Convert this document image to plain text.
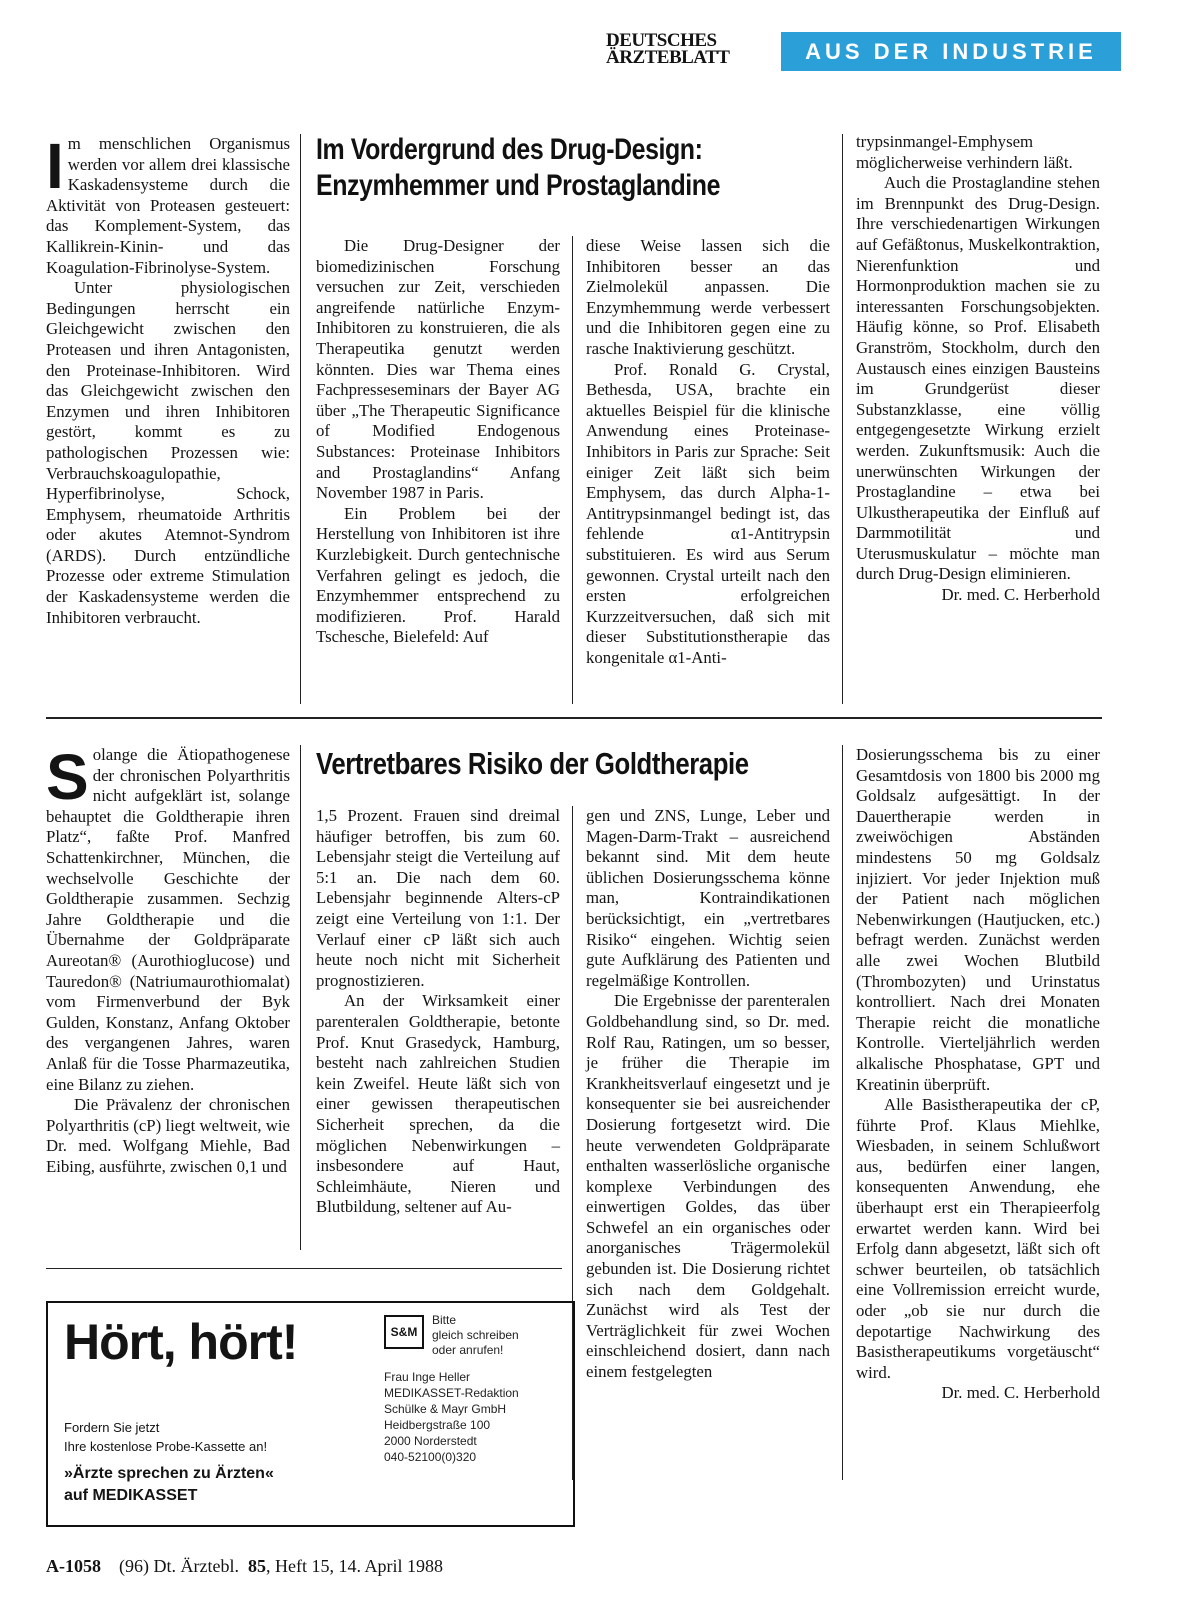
DEUTSCHES
ÄRZTEBLATT	AUS DER INDUSTRIE
Im Vordergrund des Drug-Design:
Enzymhemmer und Prostaglandine
I m menschlichen Organismus werden vor allem drei klassische Kaskadensysteme durch die Aktivität von Proteasen gesteuert: das Komplement-System, das Kallikrein-Kinin- und das Koagulation-Fibrinolyse-System.

Unter physiologischen Bedingungen herrscht ein Gleichgewicht zwischen den Proteasen und ihren Antagonisten, den Proteinase-Inhibitoren. Wird das Gleichgewicht zwischen den Enzymen und ihren Inhibitoren gestört, kommt es zu pathologischen Prozessen wie: Verbrauchskoagulopathie, Hyperfibrinolyse, Schock, Emphysem, rheumatoide Arthritis oder akutes Atemnot-Syndrom (ARDS). Durch entzündliche Prozesse oder extreme Stimulation der Kaskadensysteme werden die Inhibitoren verbraucht.

Die Drug-Designer der biomedizinischen Forschung versuchen zur Zeit, verschieden angreifende natürliche Enzym-Inhibitoren zu konstruieren, die als Therapeutika genutzt werden könnten. Dies war Thema eines Fachpresseseminars der Bayer AG über „The Therapeutic Significance of Modified Endogenous Substances: Proteinase Inhibitors and Prostaglandins“ Anfang November 1987 in Paris.

Ein Problem bei der Herstellung von Inhibitoren ist ihre Kurzlebigkeit. Durch gentechnische Verfahren gelingt es jedoch, die Enzymhemmer entsprechend zu modifizieren. Prof. Harald Tschesche, Bielefeld: Auf

diese Weise lassen sich die Inhibitoren besser an das Zielmolekül anpassen. Die Enzymhemmung werde verbessert und die Inhibitoren gegen eine zu rasche Inaktivierung geschützt.

Prof. Ronald G. Crystal, Bethesda, USA, brachte ein aktuelles Beispiel für die klinische Anwendung eines Proteinase-Inhibitors in Paris zur Sprache: Seit einiger Zeit läßt sich beim Emphysem, das durch Alpha-1-Antitrypsinmangel bedingt ist, das fehlende α1-Antitrypsin substituieren. Es wird aus Serum gewonnen. Crystal urteilt nach den ersten erfolgreichen Kurzzeitversuchen, daß sich mit dieser Substitutionstherapie das kongenitale α1-Anti-

trypsinmangel-Emphysem möglicherweise verhindern läßt.

Auch die Prostaglandine stehen im Brennpunkt des Drug-Design. Ihre verschiedenartigen Wirkungen auf Gefäßtonus, Muskelkontraktion, Nierenfunktion und Hormonproduktion machen sie zu interessanten Forschungsobjekten. Häufig könne, so Prof. Elisabeth Granström, Stockholm, durch den Austausch eines einzigen Bausteins im Grundgerüst dieser Substanzklasse, eine völlig entgegengesetzte Wirkung erzielt werden. Zukunftsmusik: Auch die unerwünschten Wirkungen der Prostaglandine – etwa bei Ulkustherapeutika der Einfluß auf Darmmotilität und Uterusmuskulatur – möchte man durch Drug-Design eliminieren.

Dr. med. C. Herberhold

Vertretbares Risiko der Goldtherapie
S olange die Ätiopathogenese der chronischen Polyarthritis nicht aufgeklärt ist, solange behauptet die Goldtherapie ihren Platz“, faßte Prof. Manfred Schattenkirchner, München, die wechselvolle Geschichte der Goldtherapie zusammen. Sechzig Jahre Goldtherapie und die Übernahme der Goldpräparate Aureotan® (Aurothioglucose) und Tauredon® (Natriumaurothiomalat) vom Firmenverbund der Byk Gulden, Konstanz, Anfang Oktober des vergangenen Jahres, waren Anlaß für die Tosse Pharmazeutika, eine Bilanz zu ziehen.

Die Prävalenz der chronischen Polyarthritis (cP) liegt weltweit, wie Dr. med. Wolfgang Miehle, Bad Eibing, ausführte, zwischen 0,1 und

1,5 Prozent. Frauen sind dreimal häufiger betroffen, bis zum 60. Lebensjahr steigt die Verteilung auf 5:1 an. Die nach dem 60. Lebensjahr beginnende Alters-cP zeigt eine Verteilung von 1:1. Der Verlauf einer cP läßt sich auch heute noch nicht mit Sicherheit prognostizieren.

An der Wirksamkeit einer parenteralen Goldtherapie, betonte Prof. Knut Grasedyck, Hamburg, besteht nach zahlreichen Studien kein Zweifel. Heute läßt sich von einer gewissen therapeutischen Sicherheit sprechen, da die möglichen Nebenwirkungen – insbesondere auf Haut, Schleimhäute, Nieren und Blutbildung, seltener auf Au-

gen und ZNS, Lunge, Leber und Magen-Darm-Trakt – ausreichend bekannt sind. Mit dem heute üblichen Dosierungsschema könne man, Kontraindikationen berücksichtigt, ein „vertretbares Risiko“ eingehen. Wichtig seien gute Aufklärung des Patienten und regelmäßige Kontrollen.

Die Ergebnisse der parenteralen Goldbehandlung sind, so Dr. med. Rolf Rau, Ratingen, um so besser, je früher die Therapie im Krankheitsverlauf eingesetzt und je konsequenter sie bei ausreichender Dosierung fortgesetzt wird. Die heute verwendeten Goldpräparate enthalten wasserlösliche organische komplexe Verbindungen des einwertigen Goldes, das über Schwefel an ein organisches oder anorganisches Trägermolekül gebunden ist. Die Dosierung richtet sich nach dem Goldgehalt. Zunächst wird als Test der Verträglichkeit für zwei Wochen einschleichend dosiert, dann nach einem festgelegten

Dosierungsschema bis zu einer Gesamtdosis von 1800 bis 2000 mg Goldsalz aufgesättigt. In der Dauertherapie werden in zweiwöchigen Abständen mindestens 50 mg Goldsalz injiziert. Vor jeder Injektion muß der Patient nach möglichen Nebenwirkungen (Hautjucken, etc.) befragt werden. Zunächst werden alle zwei Wochen Blutbild (Thrombozyten) und Urinstatus kontrolliert. Nach drei Monaten Therapie reicht die monatliche Kontrolle. Vierteljährlich werden alkalische Phosphatase, GPT und Kreatinin überprüft.

Alle Basistherapeutika der cP, führte Prof. Klaus Miehlke, Wiesbaden, in seinem Schlußwort aus, bedürfen einer langen, konsequenten Anwendung, ehe überhaupt erst ein Therapieerfolg erwartet werden kann. Wird bei Erfolg dann abgesetzt, läßt sich oft schwer beurteilen, ob tatsächlich eine Vollremission erreicht wurde, oder „ob sie nur durch die depotartige Nachwirkung des Basistherapeutikums vorgetäuscht“ wird.

Dr. med. C. Herberhold

Hört, hört!
Fordern Sie jetzt
Ihre kostenlose Probe-Kassette an!
»Ärzte sprechen zu Ärzten«
auf MEDIKASSET
S&M
Bitte
gleich schreiben
oder anrufen!
Frau Inge Heller
MEDIKASSET-Redaktion
Schülke & Mayr GmbH
Heidbergstraße 100
2000 Norderstedt
040-52100(0)320
A-1058 (96) Dt. Ärztebl. 85, Heft 15, 14. April 1988
